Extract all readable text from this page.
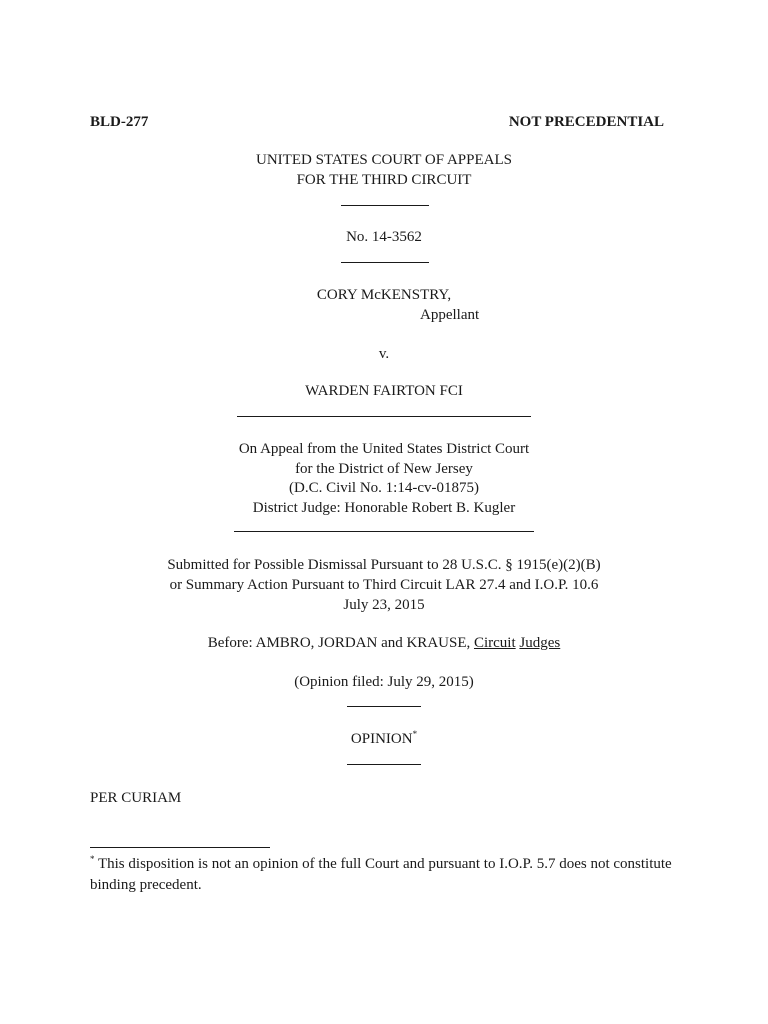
BLD-277	NOT PRECEDENTIAL
UNITED STATES COURT OF APPEALS
FOR THE THIRD CIRCUIT
No. 14-3562
CORY McKENSTRY,
Appellant
v.
WARDEN FAIRTON FCI
On Appeal from the United States District Court
for the District of New Jersey
(D.C. Civil No. 1:14-cv-01875)
District Judge: Honorable Robert B. Kugler
Submitted for Possible Dismissal Pursuant to 28 U.S.C. § 1915(e)(2)(B)
or Summary Action Pursuant to Third Circuit LAR 27.4 and I.O.P. 10.6
July 23, 2015
Before: AMBRO, JORDAN and KRAUSE, Circuit Judges
(Opinion filed: July 29, 2015)
OPINION*
PER CURIAM
* This disposition is not an opinion of the full Court and pursuant to I.O.P. 5.7 does not constitute binding precedent.
